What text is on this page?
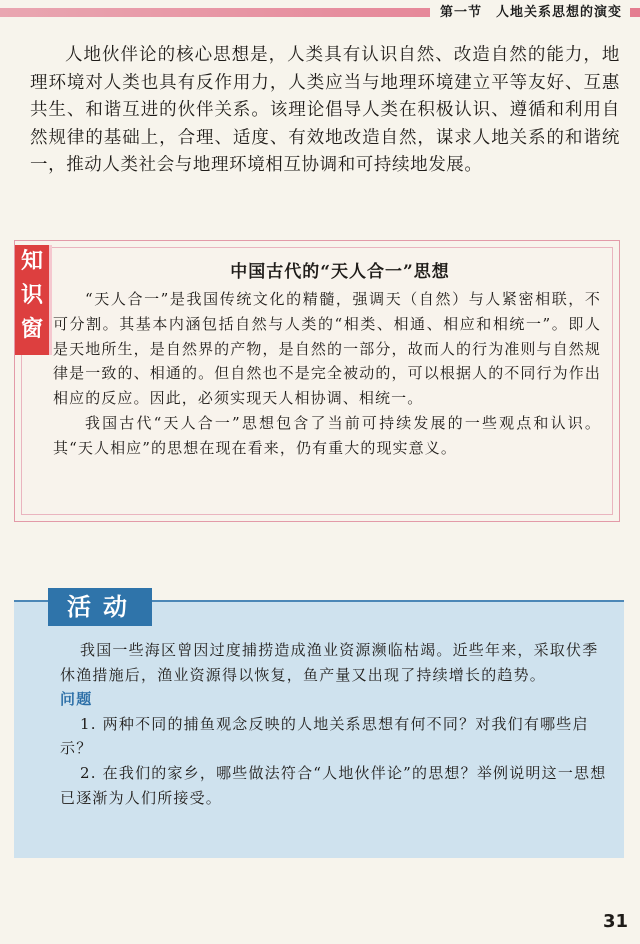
第一节　人地关系思想的演变
人地伙伴论的核心思想是，人类具有认识自然、改造自然的能力，地理环境对人类也具有反作用力，人类应当与地理环境建立平等友好、互惠共生、和谐互进的伙伴关系。该理论倡导人类在积极认识、遵循和利用自然规律的基础上，合理、适度、有效地改造自然，谋求人地关系的和谐统一，推动人类社会与地理环境相互协调和可持续地发展。
知
识
窗
中国古代的“天人合一”思想

“天人合一”是我国传统文化的精髓，强调天（自然）与人紧密相联，不可分割。其基本内涵包括自然与人类的“相类、相通、相应和相统一”。即人是天地所生，是自然界的产物，是自然的一部分，故而人的行为准则与自然规律是一致的、相通的。但自然也不是完全被动的，可以根据人的不同行为作出相应的反应。因此，必须实现天人相协调、相统一。

我国古代“天人合一”思想包含了当前可持续发展的一些观点和认识。其“天人相应”的思想在现在看来，仍有重大的现实意义。

活动

我国一些海区曾因过度捕捞造成渔业资源濒临枯竭。近些年来，采取伏季休渔措施后，渔业资源得以恢复，鱼产量又出现了持续增长的趋势。

问题

1. 两种不同的捕鱼观念反映的人地关系思想有何不同？对我们有哪些启示？

2. 在我们的家乡，哪些做法符合“人地伙伴论”的思想？举例说明这一思想已逐渐为人们所接受。

31
